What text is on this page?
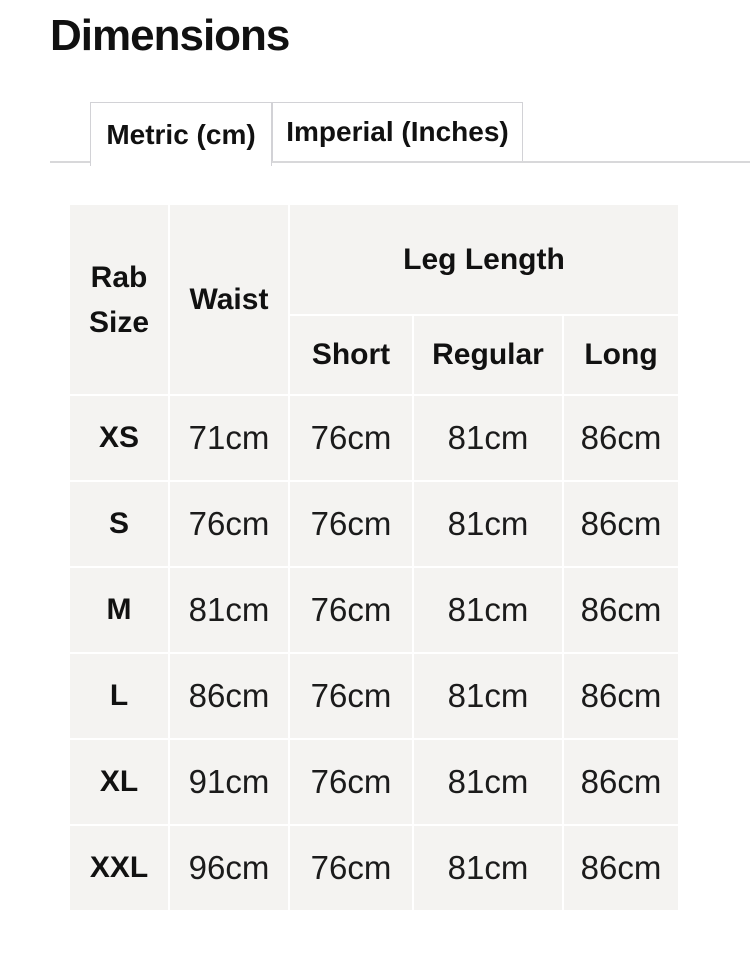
Dimensions
Metric (cm) Imperial (Inches)
Rab Size	Waist	Leg Length		
		Short	Regular	Long
XS	71cm	76cm	81cm	86cm
S	76cm	76cm	81cm	86cm
M	81cm	76cm	81cm	86cm
L	86cm	76cm	81cm	86cm
XL	91cm	76cm	81cm	86cm
XXL	96cm	76cm	81cm	86cm
